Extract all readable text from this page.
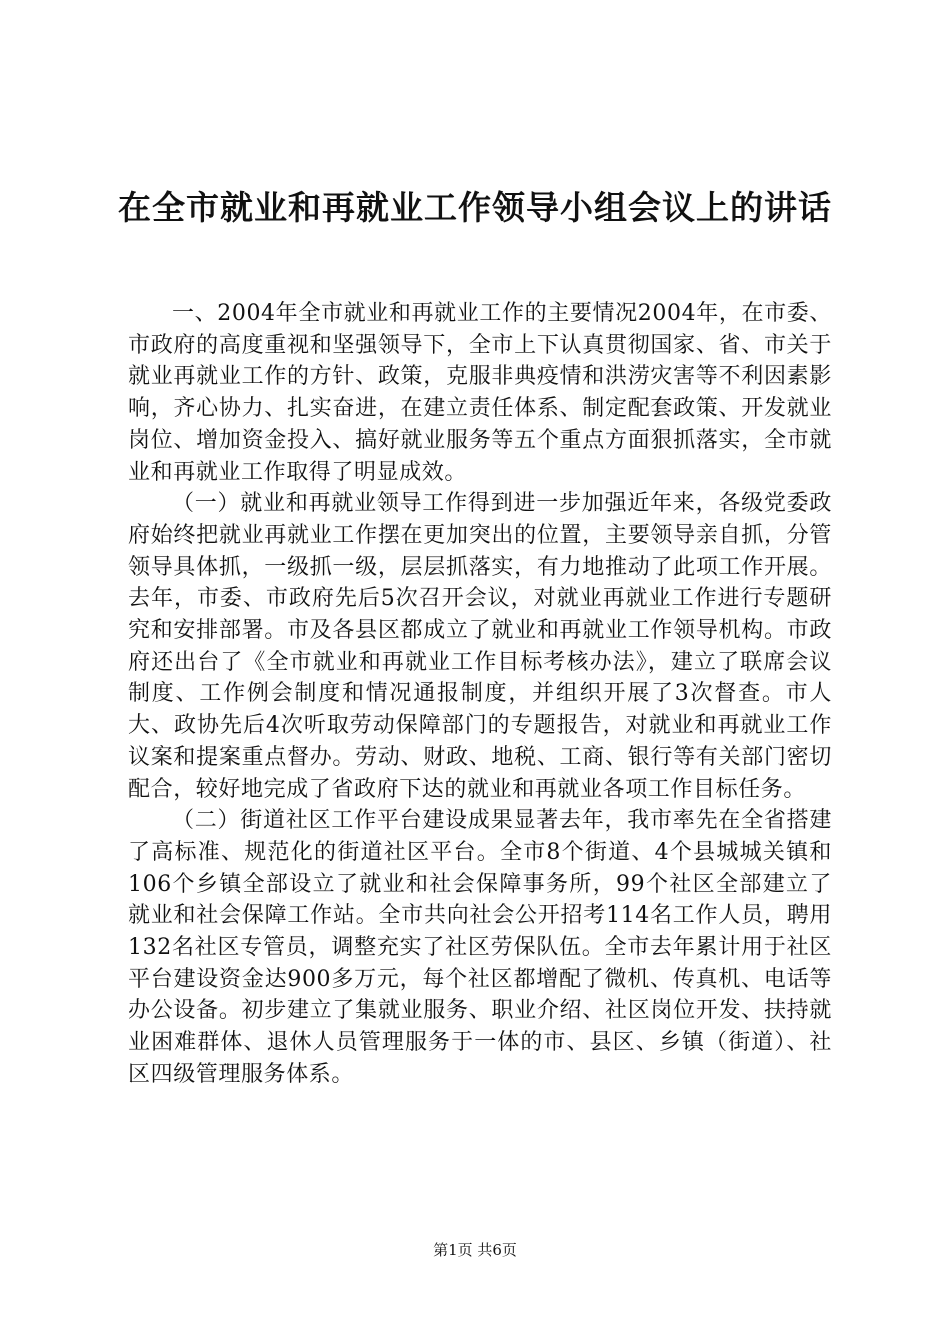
在全市就业和再就业工作领导小组会议上的讲话

一、2004年全市就业和再就业工作的主要情况2004年，在市委、市政府的高度重视和坚强领导下，全市上下认真贯彻国家、省、市关于就业再就业工作的方针、政策，克服非典疫情和洪涝灾害等不利因素影响，齐心协力、扎实奋进，在建立责任体系、制定配套政策、开发就业岗位、增加资金投入、搞好就业服务等五个重点方面狠抓落实，全市就业和再就业工作取得了明显成效。

（一）就业和再就业领导工作得到进一步加强近年来，各级党委政府始终把就业再就业工作摆在更加突出的位置，主要领导亲自抓，分管领导具体抓，一级抓一级，层层抓落实，有力地推动了此项工作开展。去年，市委、市政府先后5次召开会议，对就业再就业工作进行专题研究和安排部署。市及各县区都成立了就业和再就业工作领导机构。市政府还出台了《全市就业和再就业工作目标考核办法》，建立了联席会议制度、工作例会制度和情况通报制度，并组织开展了3次督查。市人大、政协先后4次听取劳动保障部门的专题报告，对就业和再就业工作议案和提案重点督办。劳动、财政、地税、工商、银行等有关部门密切配合，较好地完成了省政府下达的就业和再就业各项工作目标任务。

（二）街道社区工作平台建设成果显著去年，我市率先在全省搭建了高标准、规范化的街道社区平台。全市8个街道、4个县城城关镇和106个乡镇全部设立了就业和社会保障事务所，99个社区全部建立了就业和社会保障工作站。全市共向社会公开招考114名工作人员，聘用132名社区专管员，调整充实了社区劳保队伍。全市去年累计用于社区平台建设资金达900多万元，每个社区都增配了微机、传真机、电话等办公设备。初步建立了集就业服务、职业介绍、社区岗位开发、扶持就业困难群体、退休人员管理服务于一体的市、县区、乡镇（街道）、社区四级管理服务体系。

第1页 共6页
